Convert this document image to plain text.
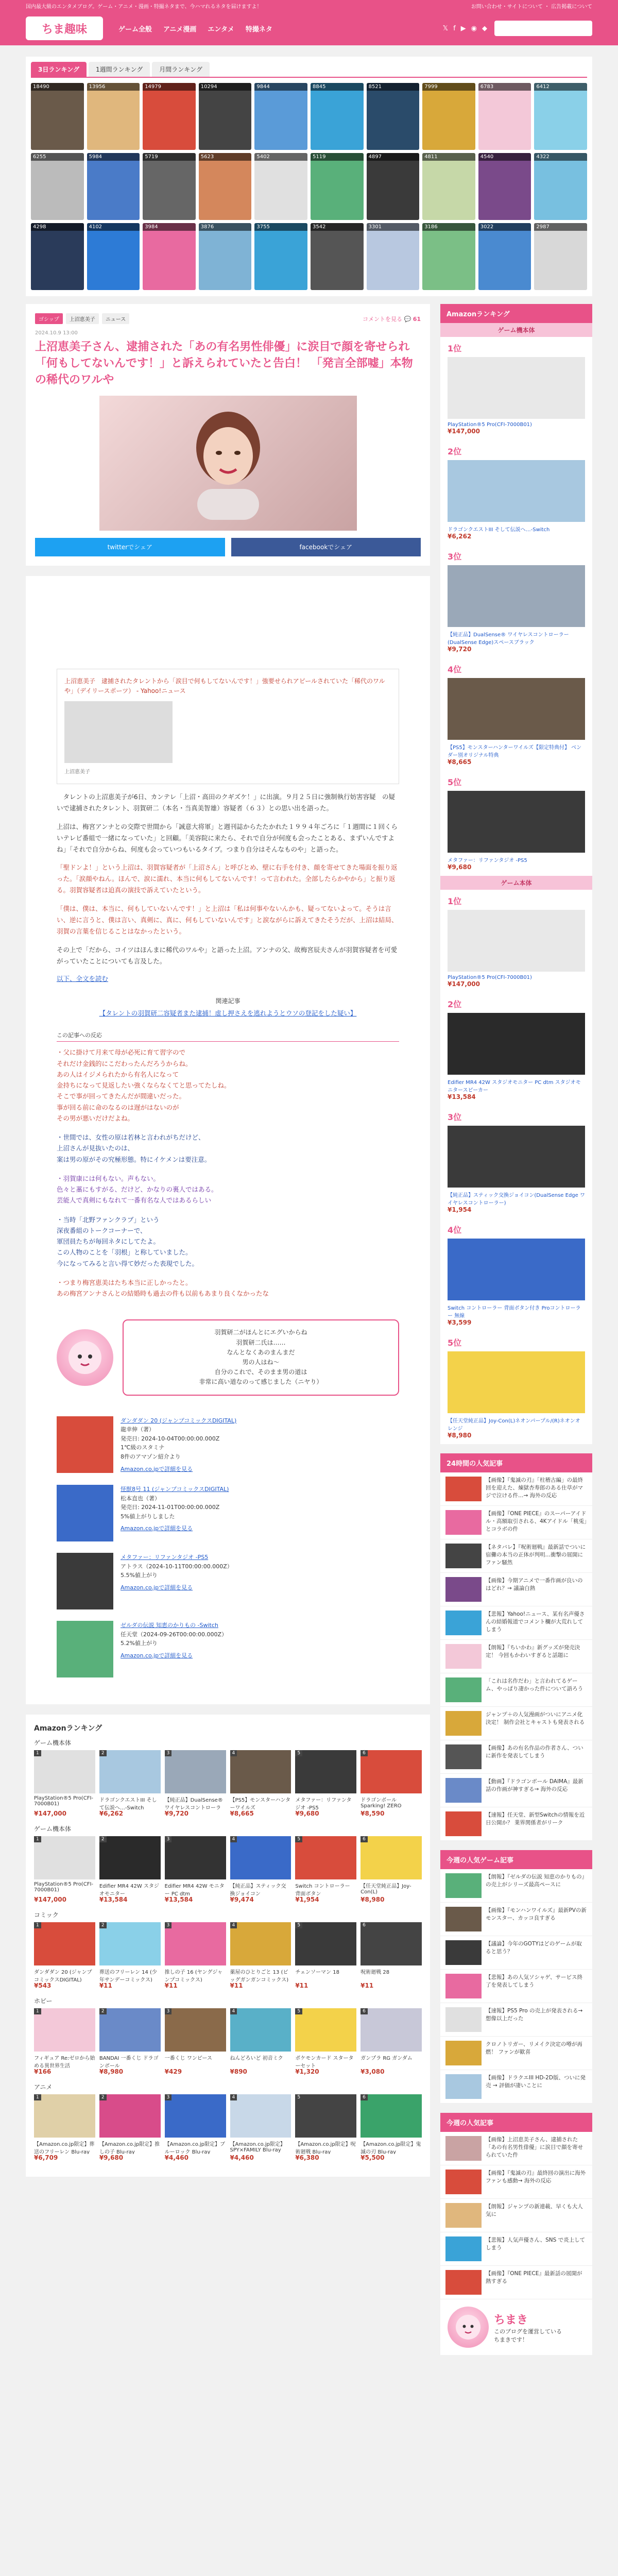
国内最大級のエンタメブログ。ゲーム・アニメ・漫画・特撮ネタまで、今ハマれるネタを届けますよ！	お問い合わせ・サイトについて ・ 広告掲載について
ちま趣味	ゲーム全般 アニメ漫画 エンタメ 特撮ネタ	𝕏 f ▶ ◉ ◆
3日ランキング	1週間ランキング	月間ランキング
18490	13956	14979	10294	9844	8845	8521	7999	6783	6412
6255	5984	5719	5623	5402	5119	4897	4811	4540	4322
4298	4102	3984	3876	3755	3542	3301	3186	3022	2987
ゴシップ	上沼恵美子	ニュース	コメントを見る 💬 61
2024.10.9 13:00
上沼恵美子さん、逮捕された「あの有名男性俳優」に涙目で顔を寄せられ「何もしてないんです！」と訴えられていたと告白！ 「発言全部嘘」本物の稀代のワルや
twitterでシェア	facebookでシェア
上沼恵美子　逮捕されたタレントから「涙目で何もしてないんです！」強要せられアピールされていた「稀代のワルや」（デイリースポーツ） - Yahoo!ニュース
上沼恵美子

　タレントの上沼恵美子が6日、カンテレ「上沼・高田のクギズケ！」に出演。９月２５日に強制執行妨害容疑　の疑いで逮捕されたタレント、羽賀研二（本名・当真美智雄）容疑者（６３）との思い出を語った。

上沼は、梅宮アンナとの交際で世間から「誠意大将軍」と週刊誌からたたかれた１９９４年ごろに「１週間に１回くらいテレビ番組で一緒になっていた」と回顧。「美容院に来たら、それで自分が何度も会ったことある、まずいんですよね」「それで自分からね、何度も会っていつもいるタイプ。つまり自分はそんなものや」と語った。

「聖ドンよ！」という上沼は、羽賀容疑者が「上沼さん」と呼びとめ、壁に右手を付き、顔を寄せてきた場面を振り返った。「涙顔やねん。ほんで、涙に濡れ、本当に何もしてないんです！って言われた。全部したらかやから」と振り返る。羽賀容疑者は迫真の演技で訴えていたという。

「僕は、僕は、本当に、何もしていないんです！」と上沼は「私は何事やないんかも、疑ってないよって。そうは言い、逆に言うと、僕は言い、真剣に、真に、何もしていないんです」と涙ながらに訴えてきたそうだが、上沼は結局、羽賀の言葉を信じることはなかったという。

その上で「だから、コイツはほんまに稀代のワルや」と語った上沼。アンナの父、故梅宮辰夫さんが羽賀容疑者を可愛がっていたことについても言及した。

以下、全文を読む
関連記事
【タレントの羽賀研二容疑者また逮捕！虚し押さえを逃れようとウソの登記をした疑い】
この記事への反応
・父に掛けて月来て母が必死に育て習字ので
それだけ金銭的にこだわったんだろうからね。
あの人はイジメられたから有名人になって
金持ちになって見返したい強くならなくてと思ってたしね。
そこで事が回ってきたんだが間違いだった。
事が回る前に命のなるのは遅がはないのが
その男が悪いだけだよね。
・世間では、女性の原は若林と言われがちだけど、
上沼さんが見抜いたのは、
案は男の原がその究極形態。特にイケメンは要注意。
・羽賀康には何もない。声もない。
色々と藁にもすがる、だけど、かなりの裏人ではある。
芸能人で真剣にもなれて一番有名な人ではあるらしい
・当時「北野ファンクラブ」という
深夜番組のトークコーナーで、
軍団員たちが毎回ネタにしてたよ。
この人物のことを「羽根」と称していました。
今になってみると言い得て妙だった表現でした。
・つまり梅宮恵美はたち本当に正しかったと。
あの梅宮アンナさんとの結婚時も過去の件も以前もあまり良くなかったな
羽賀研二がほんとにエグいからね
羽賀研二氏は……
なんとなくあのまんまだ
男の人はね～
自分のこれで、そのまま男の道は
非常に高い道なのって感じました（ニヤり）
ダンダダン 20 (ジャンプコミックスDIGITAL)
龍幸伸（著）
発売日: 2024-10-04T00:00:00.000Z
1℃級のスタミナ
8件のアマゾン紹介より
Amazon.co.jpで詳細を見る
怪獣8号 11 (ジャンプコミックスDIGITAL)
松本直也（著）
発売日: 2024-11-01T00:00:00.000Z
5%値上がりしました
Amazon.co.jpで詳細を見る
メタファー：リファンタジオ -PS5
アトラス（2024-10-11T00:00:00.000Z）
5.5%値上がり
Amazon.co.jpで詳細を見る
ゼルダの伝説 知恵のかりもの -Switch
任天堂（2024-09-26T00:00:00.000Z）
5.2%値上がり
Amazon.co.jpで詳細を見る
Amazonランキング
ゲーム機本体
1
PlayStation®5 Pro(CFI-7000B01)
¥147,000
2
ドラゴンクエストIII そして伝説へ…-Switch
¥6,262
3
【純正品】DualSense® ワイヤレスコントローラ
¥9,720
4
【PS5】モンスターハンターワイルズ
¥8,665
5
メタファー：リファンタジオ -PS5
¥9,680
6
ドラゴンボール Sparking! ZERO
¥8,590
ゲーム機本体
1
PlayStation®5 Pro(CFI-7000B01)
¥147,000
2
Edifier MR4 42W スタジオモニター
¥13,584
3
Edifier MR4 42W モニター PC dtm
¥13,584
4
【純正品】スティック交換ジョイコン
¥9,474
5
Switch コントローラー 背面ボタン
¥1,954
6
【任天堂純正品】Joy-Con(L)
¥8,980
コミック
1
ダンダダン 20 (ジャンプコミックスDIGITAL)
¥543
2
葬送のフリーレン 14 (少年サンデーコミックス)
¥11
3
推しの子 16 (ヤングジャンプコミックス)
¥11
4
薬屋のひとりごと 13 (ビッグガンガンコミックス)
¥11
5
チェンソーマン 18
¥11
6
呪術廻戦 28
¥11
ホビー
1
フィギュア Re:ゼロから始める異世界生活
¥166
2
BANDAI 一番くじ ドラゴンボール
¥8,980
3
一番くじ ワンピース
¥429
4
ねんどろいど 初音ミク
¥890
5
ポケモンカード スターターセット
¥1,320
6
ガンプラ RG ガンダム
¥3,080
アニメ
1
【Amazon.co.jp限定】葬送のフリーレン Blu-ray
¥6,709
2
【Amazon.co.jp限定】推しの子 Blu-ray
¥9,680
3
【Amazon.co.jp限定】ブルーロック Blu-ray
¥4,460
4
【Amazon.co.jp限定】SPY×FAMILY Blu-ray
¥4,460
5
【Amazon.co.jp限定】呪術廻戦 Blu-ray
¥6,380
6
【Amazon.co.jp限定】鬼滅の刃 Blu-ray
¥5,500
Amazonランキング
ゲーム機本体
1位
PlayStation®5 Pro(CFI-7000B01)
¥147,000
2位
ドラゴンクエストIII そして伝説へ…-Switch
¥6,262
3位
【純正品】DualSense® ワイヤレスコントローラー(DualSense Edge)スペースブラック
¥9,720
4位
【PS5】モンスターハンターワイルズ【限定特典付】 ベンダー別オリジナル特典
¥8,665
5位
メタファー：リファンタジオ -PS5
¥9,680
ゲーム本体
1位
PlayStation®5 Pro(CFI-7000B01)
¥147,000
2位
Edifier MR4 42W スタジオモニター PC dtm スタジオモニタースピーカー
¥13,584
3位
【純正品】スティック交換ジョイコン(DualSense Edge ワイヤレスコントローラー)
¥1,954
4位
Switch コントローラー 背面ボタン付き Proコントローラー 無線
¥3,599
5位
【任天堂純正品】Joy-Con(L)ネオンパープル/(R)ネオンオレンジ
¥8,980
24時間の人気記事
【画像】『鬼滅の刃』「柱稽古編」の最終回を迎えた、煉獄杏寿郎のある仕草がマジで泣ける件…→ 海外の反応
【画像】『ONE PIECE』のスーパーアイドル・高額取引される、4Kアイドル「桃兎」とコラボの件
【ネタバレ】『呪術廻戦』最新話でついに宿儺の本当の正体が判明…衝撃の展開にファン騒然
【画像】今期アニメで一番作画が良いのはどれ？→ 議論白熱
【悲報】Yahoo!ニュース、某有名声優さんの結婚報道でコメント欄が大荒れしてしまう
【朗報】『ちいかわ』新グッズが発売決定！ 今回もかわいすぎると話題に
「これは名作だわ」と言われてるゲーム、やっぱり凄かった件について語ろう
ジャンプ＋の人気漫画がついにアニメ化決定！ 制作会社とキャストも発表される
【画像】あの有名作品の作者さん、ついに新作を発表してしまう
【動画】『ドラゴンボール DAIMA』最新話の作画が神すぎる→ 海外の反応
【速報】任天堂、新型Switchの情報を近日公開か？ 業界関係者がリーク
今週の人気ゲーム記事
【朗報】『ゼルダの伝説 知恵のかりもの』の売上がシリーズ最高ペースに
【画像】『モンハンワイルズ』最新PVの新モンスター、カッコ良すぎる
【議論】今年のGOTYはどのゲームが取ると思う？
【悲報】あの人気ソシャゲ、サービス終了を発表してしまう
【速報】PS5 Pro の売上が発表される→ 想像以上だった
クロノトリガー、リメイク決定の噂が再燃！ ファンが歓喜
【画像】ドラクエIII HD-2D版、ついに発売 → 評価が凄いことに
今週の人気記事
【画像】上沼恵美子さん、逮捕された「あの有名男性俳優」に涙目で顔を寄せられていた件
【画像】『鬼滅の刃』最終回の演出に海外ファンも感動→ 海外の反応
【朗報】ジャンプの新連載、早くも大人気に
【悲報】人気声優さん、SNS で炎上してしまう
【画像】『ONE PIECE』最新話の展開が熱すぎる
ちまき
このブログを運営している
ちまきです！
